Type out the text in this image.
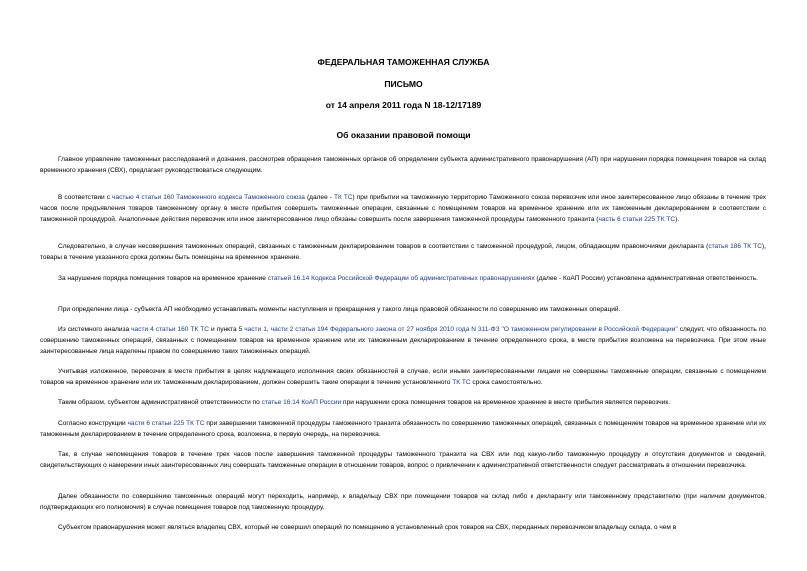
ФЕДЕРАЛЬНАЯ ТАМОЖЕННАЯ СЛУЖБА
ПИСЬМО
от 14 апреля 2011 года N 18-12/17189
Об оказании правовой помощи
Главное управление таможенных расследований и дознания, рассмотрев обращения таможенных органов об определении субъекта административного правонарушения (АП) при нарушении порядка помещения товаров на склад временного хранения (СВХ), предлагает руководствоваться следующим.
В соответствии с частью 4 статьи 160 Таможенного кодекса Таможенного союза (далее - ТК ТС) при прибытии на таможенную территорию Таможенного союза перевозчик или иное заинтересованное лицо обязаны в течение трех часов после предъявления товаров таможенному органу в месте прибытия совершить таможенные операции, связанные с помещением товаров на временное хранение или их таможенным декларированием в соответствии с таможенной процедурой. Аналогичные действия перевозчик или иное заинтересованное лицо обязаны совершить после завершения таможенной процедуры таможенного транзита (часть 6 статьи 225 ТК ТС).
Следовательно, в случае несовершения таможенных операций, связанных с таможенным декларированием товаров в соответствии с таможенной процедурой, лицом, обладающим правомочиями декларанта (статья 186 ТК ТС), товары в течение указанного срока должны быть помещены на временное хранение.
За нарушение порядка помещения товаров на временное хранение статьей 16.14 Кодекса Российской Федерации об административных правонарушениях (далее - КоАП России) установлена административная ответственность.
При определении лица - субъекта АП необходимо устанавливать моменты наступления и прекращения у такого лица правовой обязанности по совершению им таможенных операций.
Из системного анализа части 4 статьи 160 ТК ТС и пункта 5 части 1, части 2 статьи 194 Федерального закона от 27 ноября 2010 года N 311-ФЗ "О таможенном регулировании в Российской Федерации" следует, что обязанность по совершению таможенных операций, связанных с помещением товаров на временное хранение или их таможенным декларированием в течение определенного срока, в месте прибытия возложена на перевозчика. При этом иные заинтересованные лица наделены правом по совершению таких таможенных операций.
Учитывая изложенное, перевозчик в месте прибытия в целях надлежащего исполнения своих обязанностей в случае, если иными заинтересованными лицами не совершены таможенные операции, связанные с помещением товаров на временное хранение или их таможенным декларированием, должен совершить такие операции в течение установленного ТК ТС срока самостоятельно.
Таким образом, субъектом административной ответственности по статье 16.14 КоАП России при нарушении срока помещения товаров на временное хранение в месте прибытия является перевозчик.
Согласно конструкции части 6 статьи 225 ТК ТС при завершении таможенной процедуры таможенного транзита обязанность по совершению таможенных операций, связанных с помещением товаров на временное хранение или их таможенным декларированием в течение определенного срока, возложена, в первую очередь, на перевозчика.
Так, в случае непомещения товаров в течение трех часов после завершения таможенной процедуры таможенного транзита на СВХ или под какую-либо таможенную процедуру и отсутствия документов и сведений, свидетельствующих о намерении иных заинтересованных лиц совершать таможенные операции в отношении товаров, вопрос о привлечении к административной ответственности следует рассматривать в отношении перевозчика.
Далее обязанности по совершению таможенных операций могут переходить, например, к владельцу СВХ при помещении товаров на склад либо к декларанту или таможенному представителю (при наличии документов, подтверждающих его полномочия) в случае помещения товаров под таможенную процедуру.
Субъектом правонарушения может являться владелец СВХ, который не совершил операций по помещению в установленный срок товаров на СВХ, переданных перевозчиком владельцу склада, о чем в
